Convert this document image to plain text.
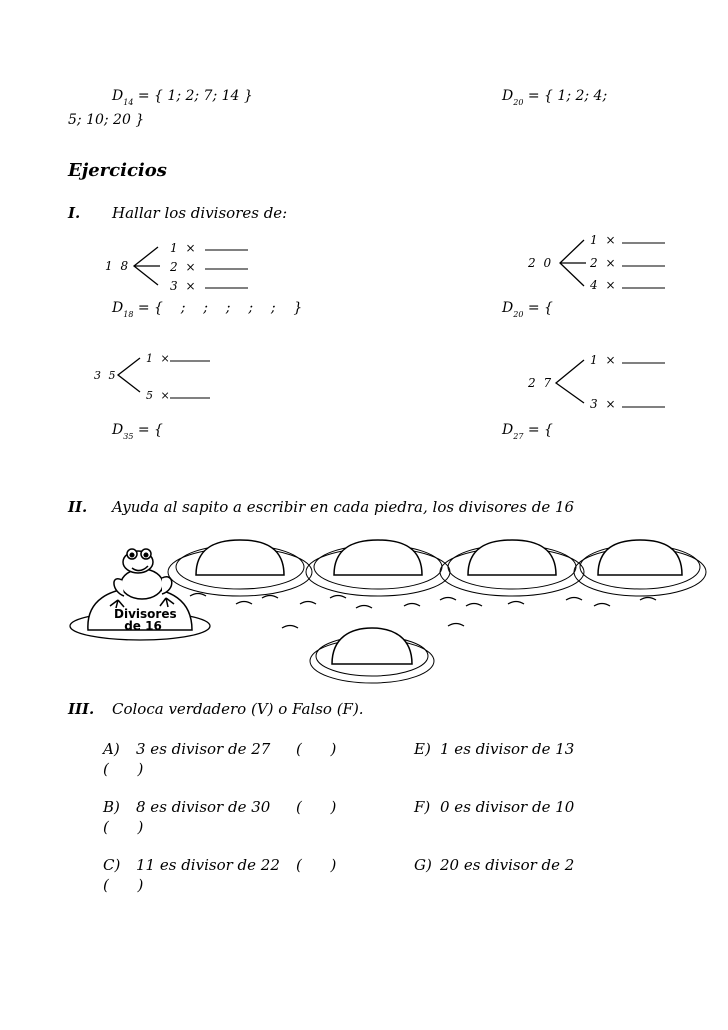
$D_{14}$ = { 1; 2; 7; 14 }	$D_{20}$ = { 1; 2; 4;
5; 10; 20 }
Ejercicios
I. Hallar los divisores de:
1 8
1 ×
2 ×
3 ×
$D_{18}$ = {    ;    ;    ;    ;    ;    }
2 0
1 ×
2 ×
4 ×
$D_{20}$ = {
3 5
1 ×
5 ×
$D_{35}$ = {
2 7
1 ×
3 ×
$D_{27}$ = {
II. Ayuda al sapito a escribir en cada piedra, los divisores de 16
Divisores
de 16
III. Coloca verdadero (V) o Falso (F).
A) 3 es divisor de 27 (      )	E) 1 es divisor de 13
(      )
B) 8 es divisor de 30 (      )	F) 0 es divisor de 10
(      )
C) 11 es divisor de 22 (      )	G) 20 es divisor de 2
(      )
